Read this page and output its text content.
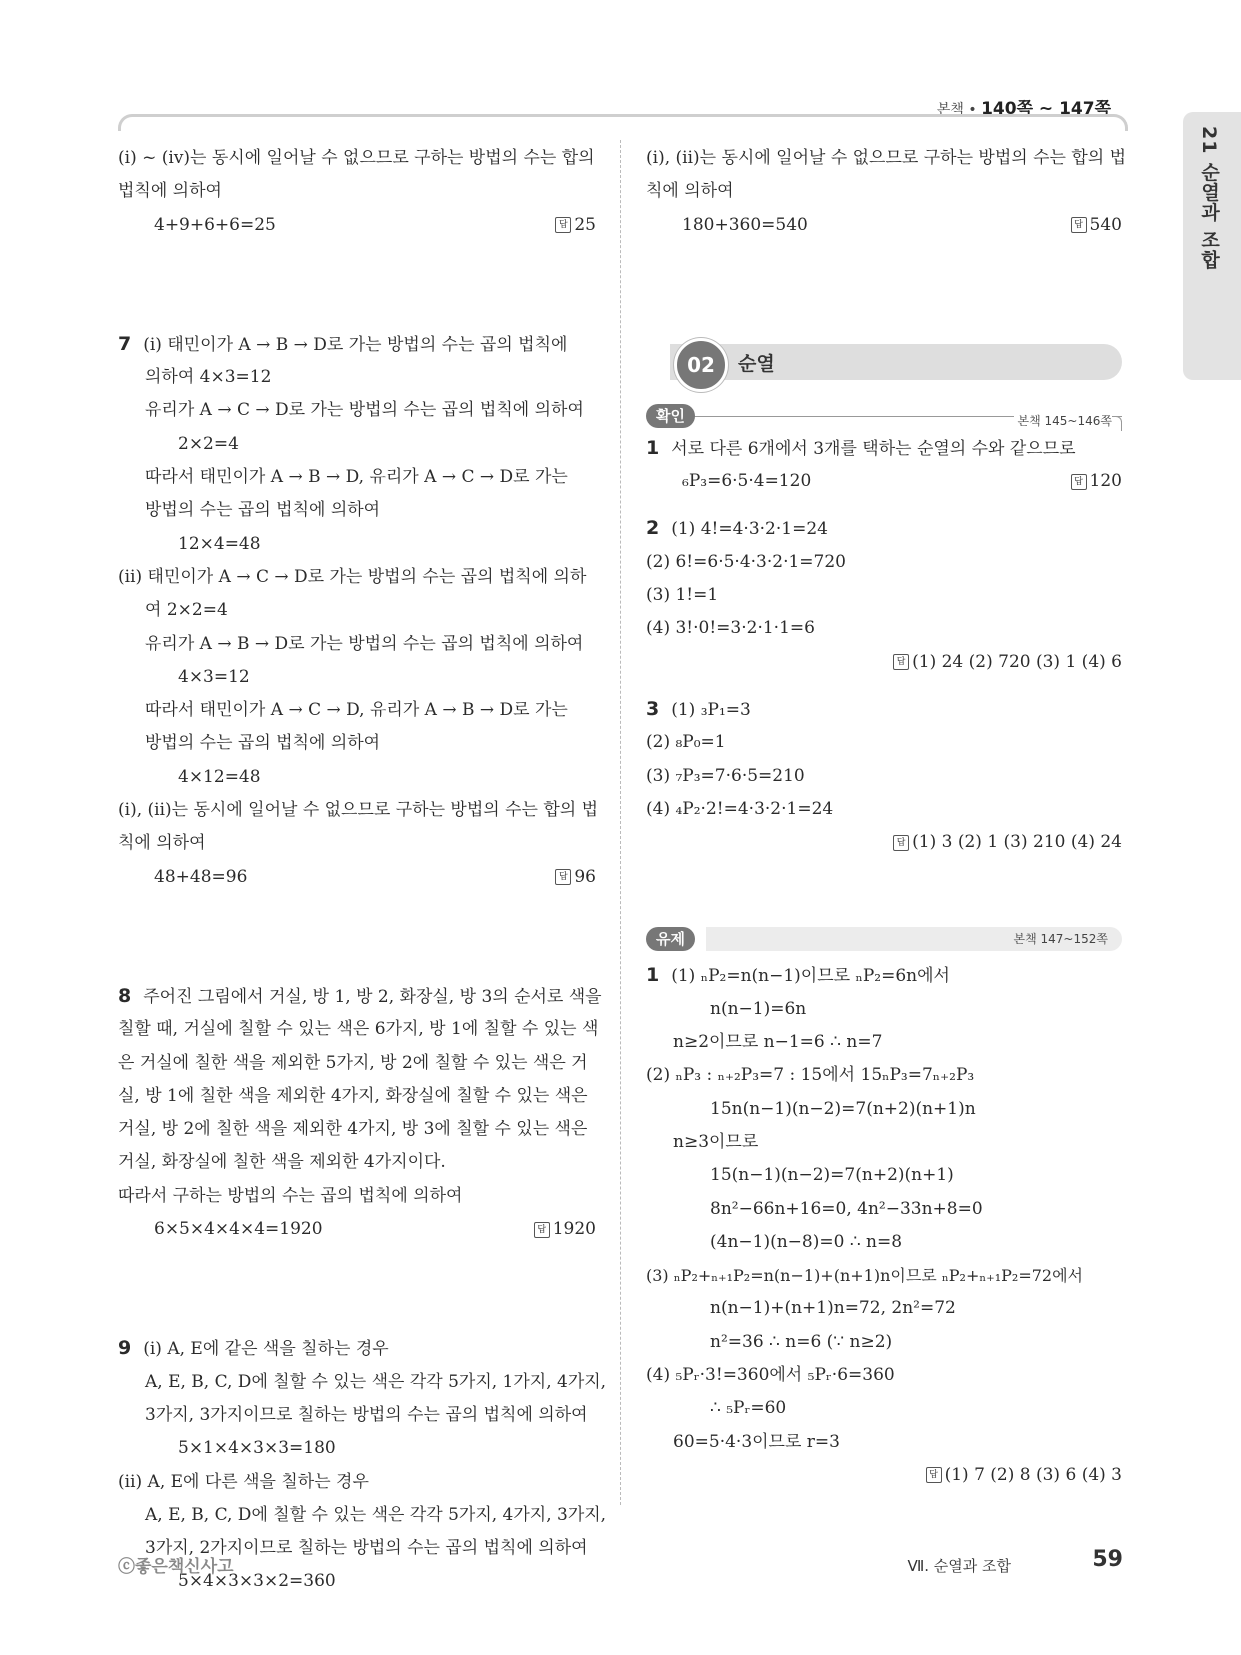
본책 • 140쪽 ~ 147쪽
21 순열과 조합
(ⅰ) ~ (ⅳ)는 동시에 일어날 수 없으므로 구하는 방법의 수는 합의
법칙에 의하여
4+9+6+6=25	답 25
7 (ⅰ) 태민이가 A → B → D로 가는 방법의 수는 곱의 법칙에
의하여 4×3=12
유리가 A → C → D로 가는 방법의 수는 곱의 법칙에 의하여
2×2=4
따라서 태민이가 A → B → D, 유리가 A → C → D로 가는
방법의 수는 곱의 법칙에 의하여
12×4=48
(ⅱ) 태민이가 A → C → D로 가는 방법의 수는 곱의 법칙에 의하
여 2×2=4
유리가 A → B → D로 가는 방법의 수는 곱의 법칙에 의하여
4×3=12
따라서 태민이가 A → C → D, 유리가 A → B → D로 가는
방법의 수는 곱의 법칙에 의하여
4×12=48
(ⅰ), (ⅱ)는 동시에 일어날 수 없으므로 구하는 방법의 수는 합의 법
칙에 의하여
48+48=96	답 96
8 주어진 그림에서 거실, 방 1, 방 2, 화장실, 방 3의 순서로 색을
칠할 때, 거실에 칠할 수 있는 색은 6가지, 방 1에 칠할 수 있는 색
은 거실에 칠한 색을 제외한 5가지, 방 2에 칠할 수 있는 색은 거
실, 방 1에 칠한 색을 제외한 4가지, 화장실에 칠할 수 있는 색은
거실, 방 2에 칠한 색을 제외한 4가지, 방 3에 칠할 수 있는 색은
거실, 화장실에 칠한 색을 제외한 4가지이다.
따라서 구하는 방법의 수는 곱의 법칙에 의하여
6×5×4×4×4=1920	답 1920
9 (ⅰ) A, E에 같은 색을 칠하는 경우
A, E, B, C, D에 칠할 수 있는 색은 각각 5가지, 1가지, 4가지,
3가지, 3가지이므로 칠하는 방법의 수는 곱의 법칙에 의하여
5×1×4×3×3=180
(ⅱ) A, E에 다른 색을 칠하는 경우
A, E, B, C, D에 칠할 수 있는 색은 각각 5가지, 4가지, 3가지,
3가지, 2가지이므로 칠하는 방법의 수는 곱의 법칙에 의하여
5×4×3×3×2=360
(ⅰ), (ⅱ)는 동시에 일어날 수 없으므로 구하는 방법의 수는 합의 법
칙에 의하여
180+360=540	답 540
02	순열
확인	본책 145~146쪽
1 서로 다른 6개에서 3개를 택하는 순열의 수와 같으므로
₆P₃=6·5·4=120	답 120
2 (1) 4!=4·3·2·1=24
(2) 6!=6·5·4·3·2·1=720
(3) 1!=1
(4) 3!·0!=3·2·1·1=6
답 (1) 24 (2) 720 (3) 1 (4) 6
3 (1) ₃P₁=3
(2) ₈P₀=1
(3) ₇P₃=7·6·5=210
(4) ₄P₂·2!=4·3·2·1=24
답 (1) 3 (2) 1 (3) 210 (4) 24
유제	본책 147~152쪽
1 (1) ₙP₂=n(n−1)이므로 ₙP₂=6n에서
n(n−1)=6n
n≥2이므로 n−1=6 ∴ n=7
(2) ₙP₃ : ₙ₊₂P₃=7 : 15에서 15ₙP₃=7ₙ₊₂P₃
15n(n−1)(n−2)=7(n+2)(n+1)n
n≥3이므로
15(n−1)(n−2)=7(n+2)(n+1)
8n²−66n+16=0, 4n²−33n+8=0
(4n−1)(n−8)=0 ∴ n=8
(3) ₙP₂+ₙ₊₁P₂=n(n−1)+(n+1)n이므로 ₙP₂+ₙ₊₁P₂=72에서
n(n−1)+(n+1)n=72, 2n²=72
n²=36 ∴ n=6 (∵ n≥2)
(4) ₅Pᵣ·3!=360에서 ₅Pᵣ·6=360
∴ ₅Pᵣ=60
60=5·4·3이므로 r=3
답 (1) 7 (2) 8 (3) 6 (4) 3
ⓒ좋은책신사고	Ⅶ. 순열과 조합	59
